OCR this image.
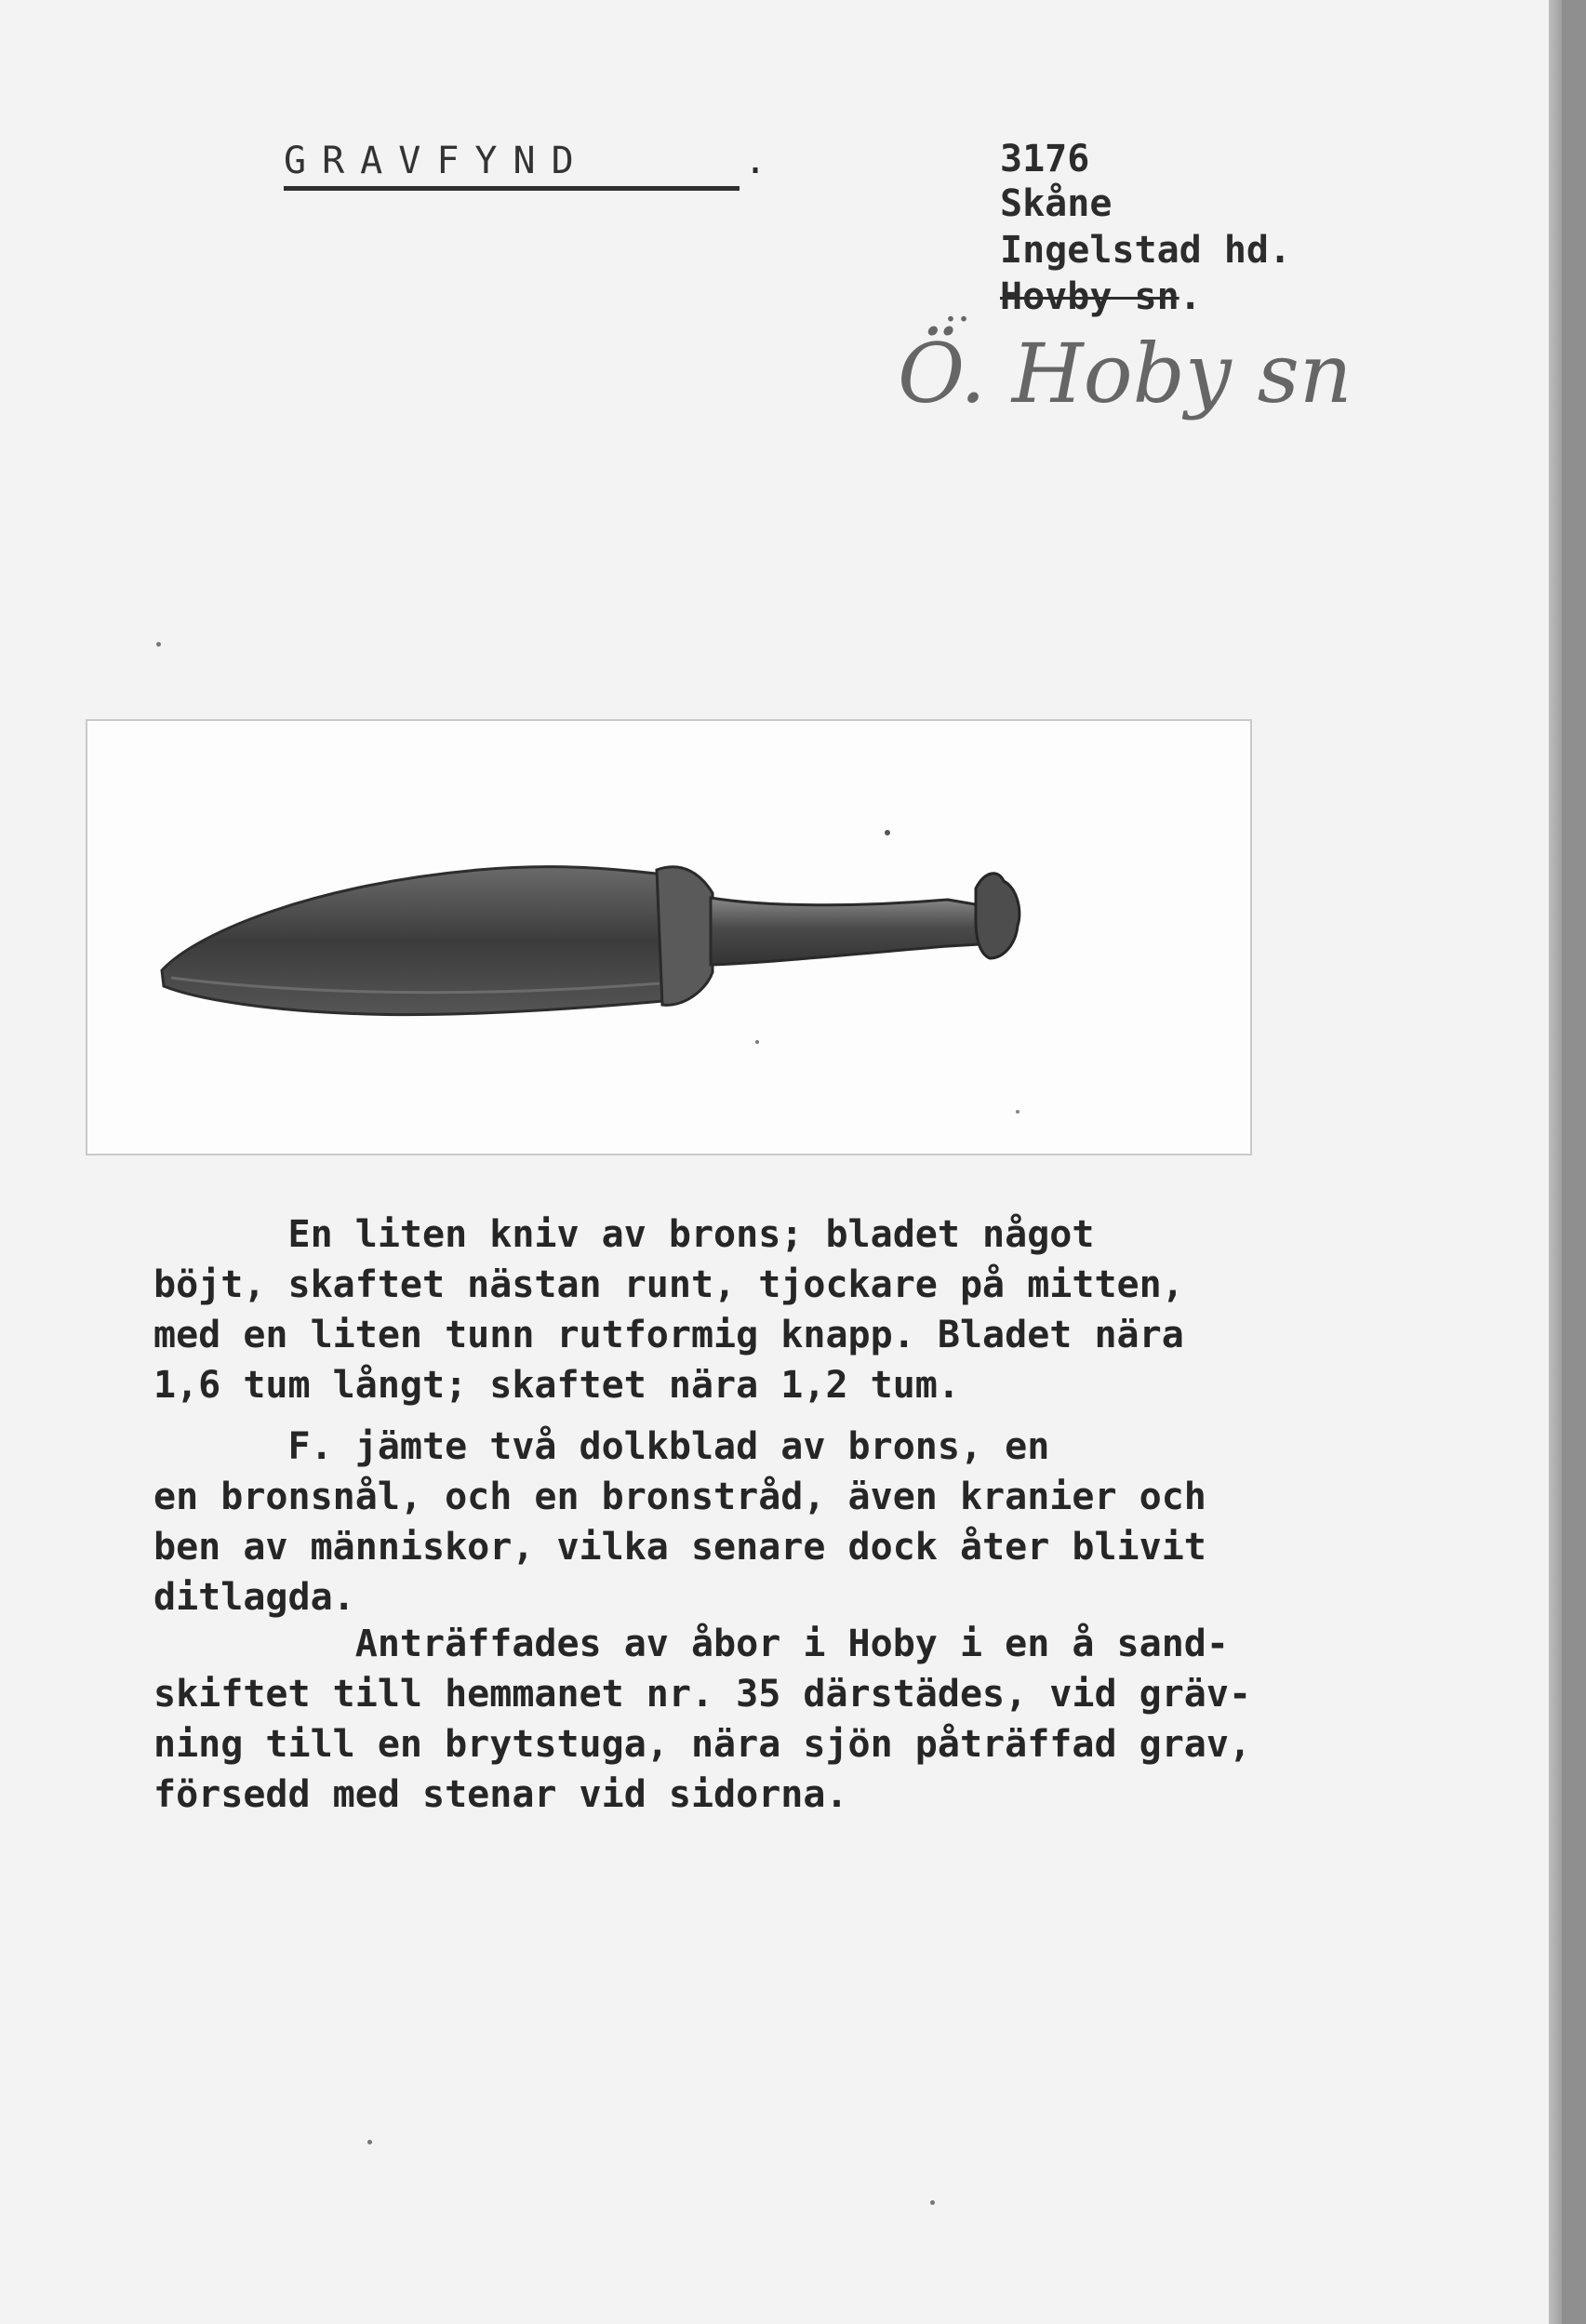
GRAVFYND	.	3176
Skåne
Ingelstad hd.
Hovby sn.
..
Ö. Hoby sn
En liten kniv av brons; bladet något
böjt, skaftet nästan runt, tjockare på mitten,
med en liten tunn rutformig knapp. Bladet nära
1,6 tum långt; skaftet nära 1,2 tum.
F. jämte två dolkblad av brons, en
en bronsnål, och en bronstråd, även kranier och
ben av människor, vilka senare dock åter blivit
ditlagda.
Anträffades av åbor i Hoby i en å sand-
skiftet till hemmanet nr. 35 därstädes, vid gräv-
ning till en brytstuga, nära sjön påträffad grav,
försedd med stenar vid sidorna.
